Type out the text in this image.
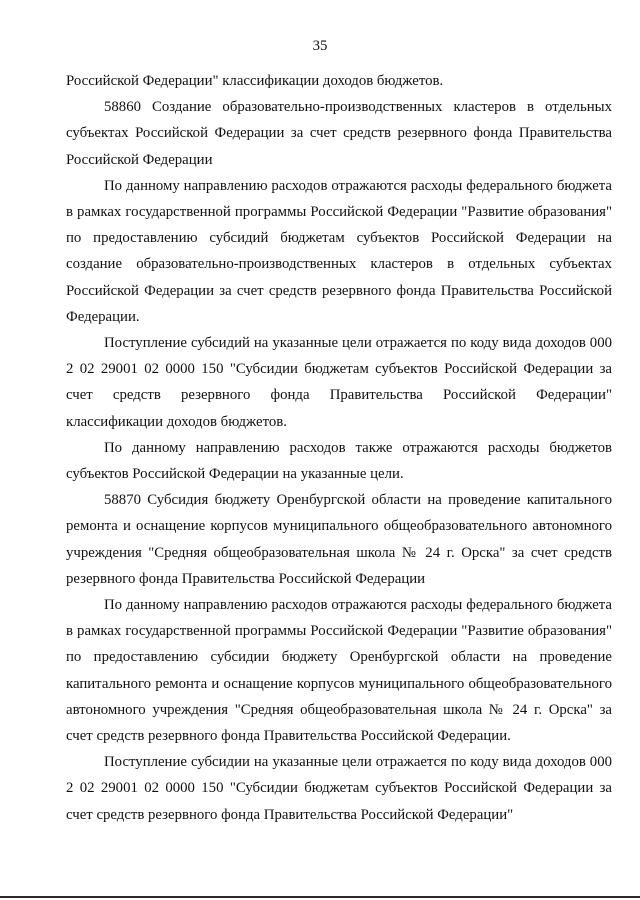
35

Российской Федерации" классификации доходов бюджетов.

58860 Создание образовательно-производственных кластеров в отдельных субъектах Российской Федерации за счет средств резервного фонда Правительства Российской Федерации

По данному направлению расходов отражаются расходы федерального бюджета в рамках государственной программы Российской Федерации "Развитие образования" по предоставлению субсидий бюджетам субъектов Российской Федерации на создание образовательно-производственных кластеров в отдельных субъектах Российской Федерации за счет средств резервного фонда Правительства Российской Федерации.

Поступление субсидий на указанные цели отражается по коду вида доходов 000 2 02 29001 02 0000 150 "Субсидии бюджетам субъектов Российской Федерации за счет средств резервного фонда Правительства Российской Федерации" классификации доходов бюджетов.

По данному направлению расходов также отражаются расходы бюджетов субъектов Российской Федерации на указанные цели.

58870 Субсидия бюджету Оренбургской области на проведение капитального ремонта и оснащение корпусов муниципального общеобразовательного автономного учреждения "Средняя общеобразовательная школа № 24 г. Орска" за счет средств резервного фонда Правительства Российской Федерации

По данному направлению расходов отражаются расходы федерального бюджета в рамках государственной программы Российской Федерации "Развитие образования" по предоставлению субсидии бюджету Оренбургской области на проведение капитального ремонта и оснащение корпусов муниципального общеобразовательного автономного учреждения "Средняя общеобразовательная школа № 24 г. Орска" за счет средств резервного фонда Правительства Российской Федерации.

Поступление субсидии на указанные цели отражается по коду вида доходов 000 2 02 29001 02 0000 150 "Субсидии бюджетам субъектов Российской Федерации за счет средств резервного фонда Правительства Российской Федерации"
